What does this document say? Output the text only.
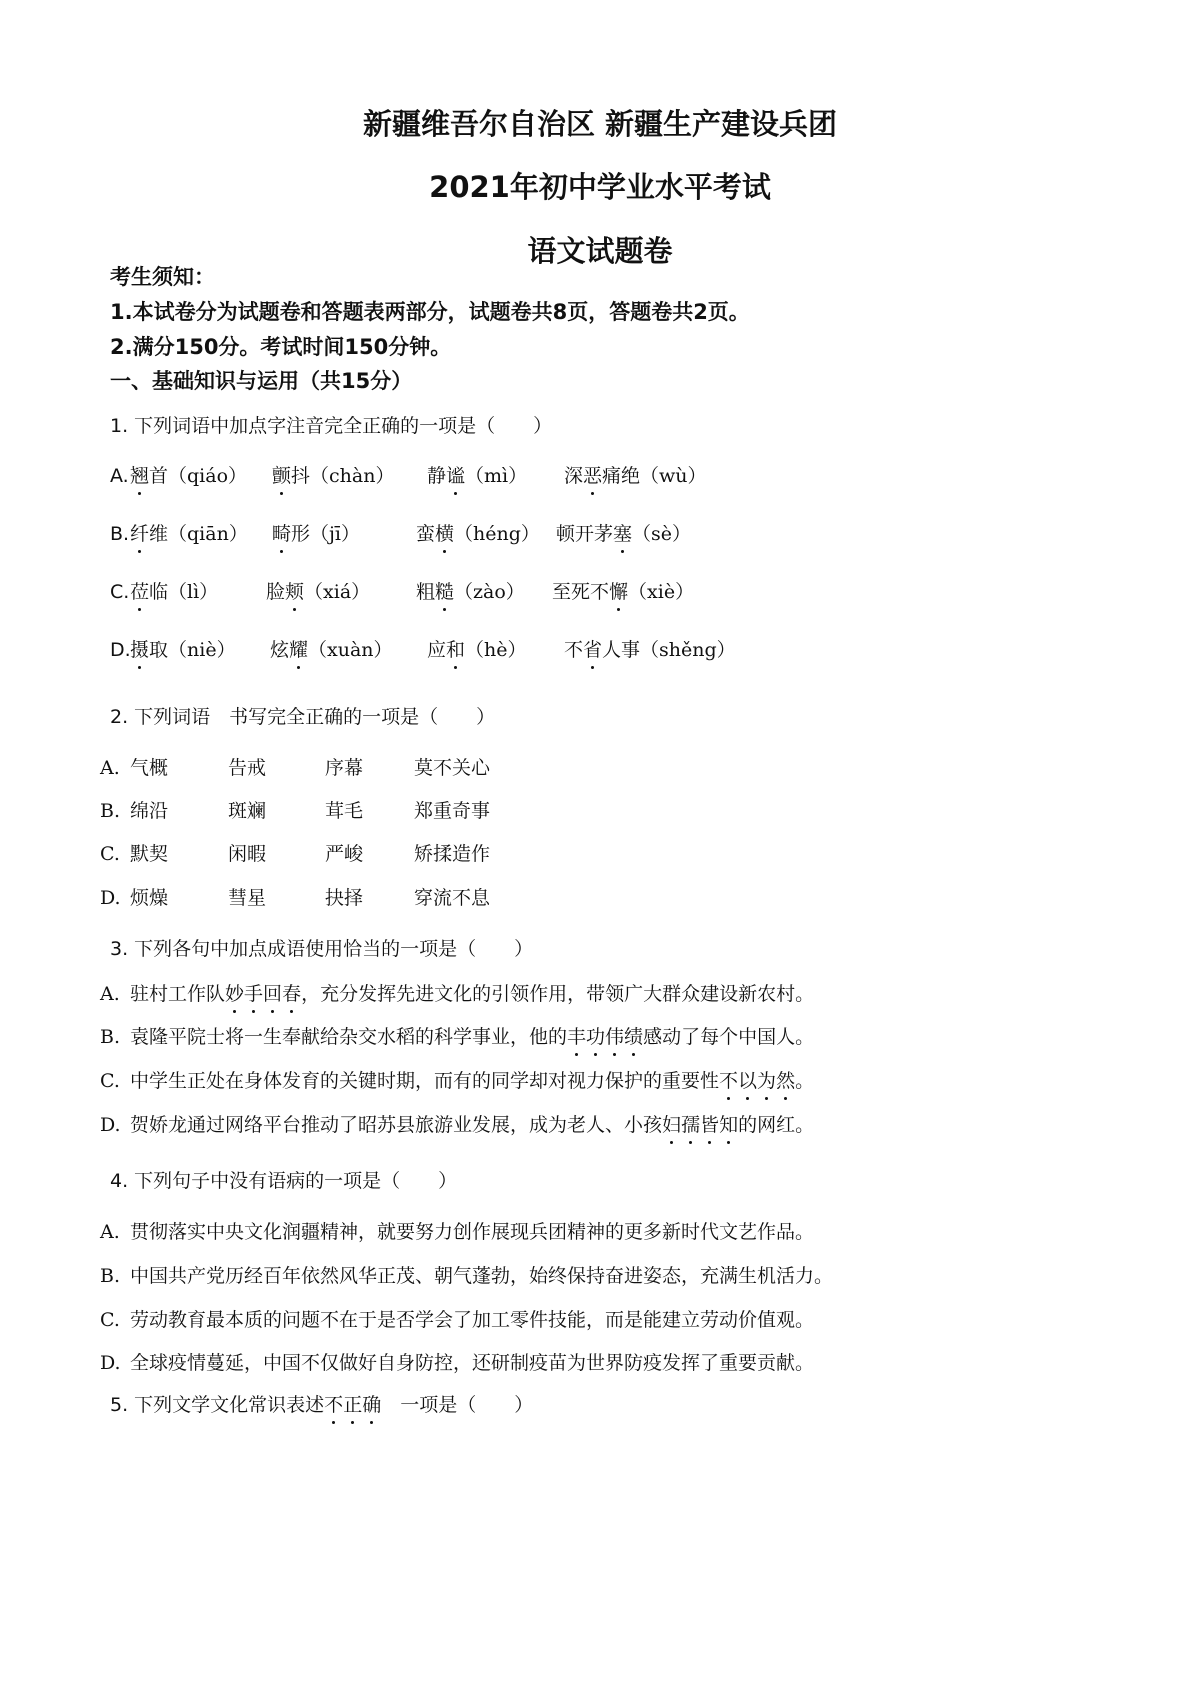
新疆维吾尔自治区 新疆生产建设兵团
2021年初中学业水平考试
语文试题卷
考生须知：
1.本试卷分为试题卷和答题表两部分，试题卷共8页，答题卷共2页。
2.满分150分。考试时间150分钟。
一、基础知识与运用（共15分）
1. 下列词语中加点字注音完全正确的一项是（　　）
A. 翘首（qiáo） 颤抖（chàn） 静谧（mì） 深恶痛绝（wù）
B. 纤维（qiān） 畸形（jī）	蛮横（héng） 顿开茅塞（sè）
C. 莅临（lì）	脸颊（xiá） 粗糙（zào） 至死不懈（xiè）
D. 摄取（niè） 炫耀（xuàn） 应和（hè） 不省人事（shěng）
2. 下列词语　书写完全正确的一项是（　　）
A. 气概	告戒	序幕	莫不关心
B. 绵沿	斑斓	茸毛	郑重奇事
C. 默契	闲暇	严峻	矫揉造作
D. 烦燥	彗星	抉择	穿流不息
3. 下列各句中加点成语使用恰当的一项是（　　）
A. 驻村工作队妙手回春，充分发挥先进文化的引领作用，带领广大群众建设新农村。
B. 袁隆平院士将一生奉献给杂交水稻的科学事业，他的丰功伟绩感动了每个中国人。
C. 中学生正处在身体发育的关键时期，而有的同学却对视力保护的重要性不以为然。
D. 贺娇龙通过网络平台推动了昭苏县旅游业发展，成为老人、小孩妇孺皆知的网红。
4. 下列句子中没有语病的一项是（　　）
A. 贯彻落实中央文化润疆精神，就要努力创作展现兵团精神的更多新时代文艺作品。
B. 中国共产党历经百年依然风华正茂、朝气蓬勃，始终保持奋进姿态，充满生机活力。
C. 劳动教育最本质的问题不在于是否学会了加工零件技能，而是能建立劳动价值观。
D. 全球疫情蔓延，中国不仅做好自身防控，还研制疫苗为世界防疫发挥了重要贡献。
5. 下列文学文化常识表述不正确　一项是（　　）
